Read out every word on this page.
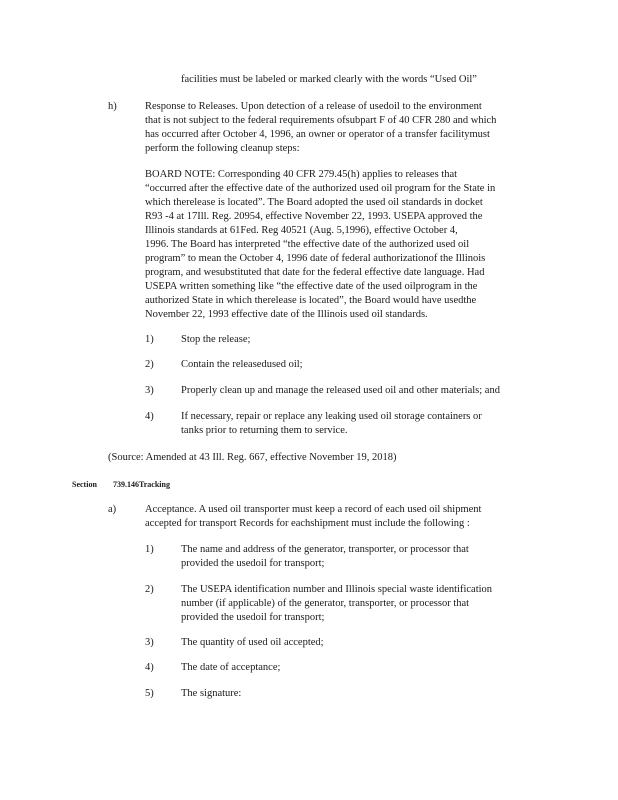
facilities must be labeled or marked clearly with the words “Used Oil”
h)	Response to Releases. Upon detection of a release of usedoil to the environment
that is not subject to the federal requirements ofsubpart F of 40 CFR 280 and which
has occurred after October 4, 1996, an owner or operator of a transfer facilitymust
perform the following cleanup steps:
BOARD NOTE: Corresponding 40 CFR 279.45(h) applies to releases that
“occurred after the effective date of the authorized used oil program for the State in
which therelease is located”. The Board adopted the used oil standards in docket
R93 -4 at 17Ill. Reg. 20954, effective November 22, 1993. USEPA approved the
Illinois standards at 61Fed. Reg 40521 (Aug. 5,1996), effective October 4,
1996. The Board has interpreted “the effective date of the authorized used oil
program” to mean the October 4, 1996 date of federal authorizationof the Illinois
program, and wesubstituted that date for the federal effective date language. Had
USEPA written something like “the effective date of the used oilprogram in the
authorized State in which therelease is located”, the Board would have usedthe
November 22, 1993 effective date of the Illinois used oil standards.
1)	Stop the release;
2)	Contain the releasedused oil;
3)	Properly clean up and manage the released used oil and other materials; and
4)	If necessary, repair or replace any leaking used oil storage containers or
tanks prior to returning them to service.
(Source: Amended at 43 Ill. Reg. 667, effective November 19, 2018)
Section 739.146Tracking
a)	Acceptance. A used oil transporter must keep a record of each used oil shipment
accepted for transport Records for eachshipment must include the following :
1)	The name and address of the generator, transporter, or processor that
provided the usedoil for transport;
2)	The USEPA identification number and Illinois special waste identification
number (if applicable) of the generator, transporter, or processor that
provided the usedoil for transport;
3)	The quantity of used oil accepted;
4)	The date of acceptance;
5)	The signature:
